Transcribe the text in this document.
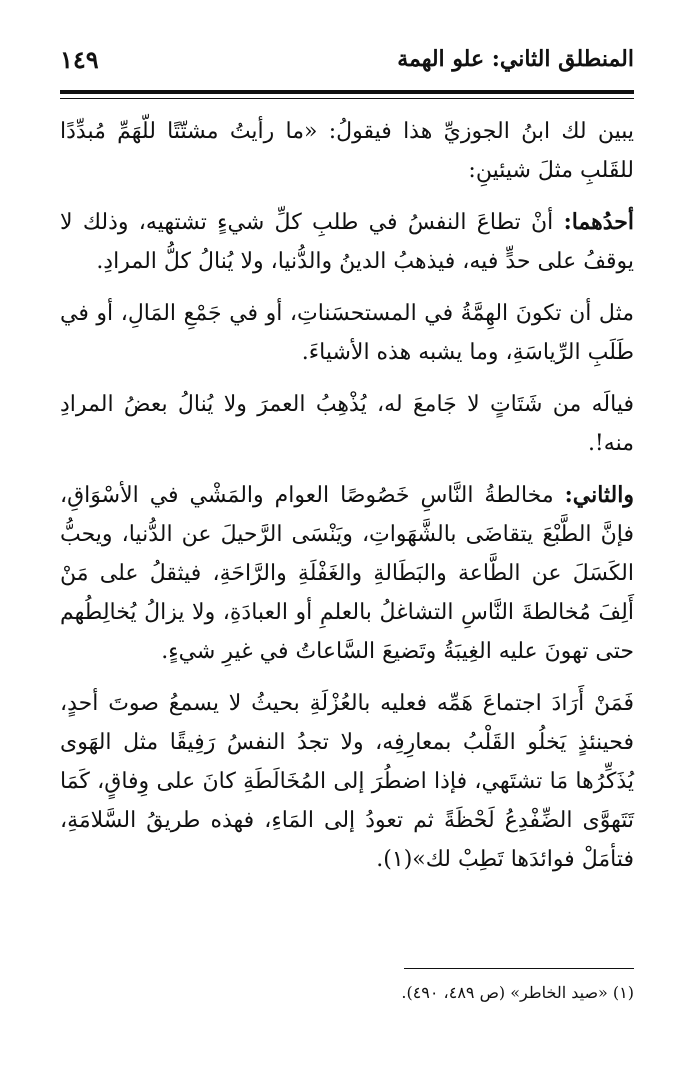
المنطلق الثاني: علو الهمة
١٤٩

يبين لك ابنُ الجوزيِّ هذا فيقولُ: «ما رأيتُ مشتّتًا للّهَمِّ مُبدِّدًا للقَلبِ مثلَ شيئينِ:

أحدُهما: أنْ تطاعَ النفسُ في طلبِ كلِّ شيءٍ تشتهيه، وذلك لا يوقفُ على حدٍّ فيه، فيذهبُ الدينُ والدُّنيا، ولا يُنالُ كلُّ المرادِ.

مثل أن تكونَ الهِمَّةُ في المستحسَناتِ، أو في جَمْعِ المَالِ، أو في طَلَبِ الرِّياسَةِ، وما يشبه هذه الأشياءَ.

فيالَه من شَتَاتٍ لا جَامعَ له، يُذْهِبُ العمرَ ولا يُنالُ بعضُ المرادِ منه!.

والثاني: مخالطةُ النَّاسِ خَصُوصًا العوام والمَشْي في الأسْوَاقِ، فإنَّ الطَّبْعَ يتقاضَى بالشَّهَواتِ، ويَنْسَى الرَّحيلَ عن الدُّنيا، ويحبُّ الكَسَلَ عن الطَّاعة والبَطَالةِ والغَفْلَةِ والرَّاحَةِ، فيثقلُ على مَنْ أَلِفَ مُخالطةَ النَّاسِ التشاغلُ بالعلمِ أو العبادَةِ، ولا يزالُ يُخالِطُهم حتى تهونَ عليه الغِيبَةُ وتَضيعَ السَّاعاتُ في غيرِ شيءٍ.

فَمَنْ أَرَادَ اجتماعَ هَمِّه فعليه بالعُزْلَةِ بحيثُ لا يسمعُ صوتَ أحدٍ، فحينئذٍ يَخلُو القَلْبُ بمعارِفِه، ولا تجدُ النفسُ رَفِيقًا مثل الهَوى يُذَكِّرُها مَا تشتَهي، فإذا اضطُرَ إلى المُخَالَطَةِ كانَ على وِفاقٍ، كَمَا تَتَهوَّى الضِّفْدِعُ لَحْظَةً ثم تعودُ إلى المَاءِ، فهذه طريقُ السَّلامَةِ، فتأمَلْ فوائدَها تَطِبْ لك»(١).

(١) «صيد الخاطر» (ص ٤٨٩، ٤٩٠).
